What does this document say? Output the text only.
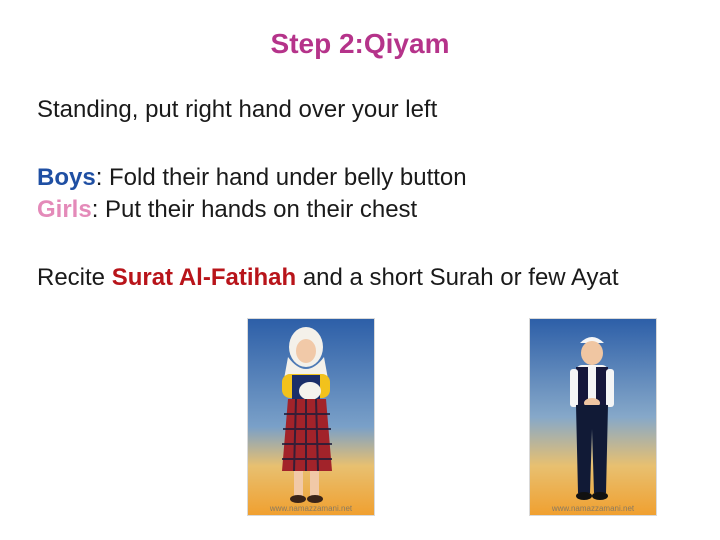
Step 2:Qiyam
Standing, put right hand over your left
Boys: Fold their hand under belly button
Girls: Put their hands on their chest
Recite Surat Al-Fatihah and a short Surah or few Ayat
www.namazzamani.net	www.namazzamani.net
